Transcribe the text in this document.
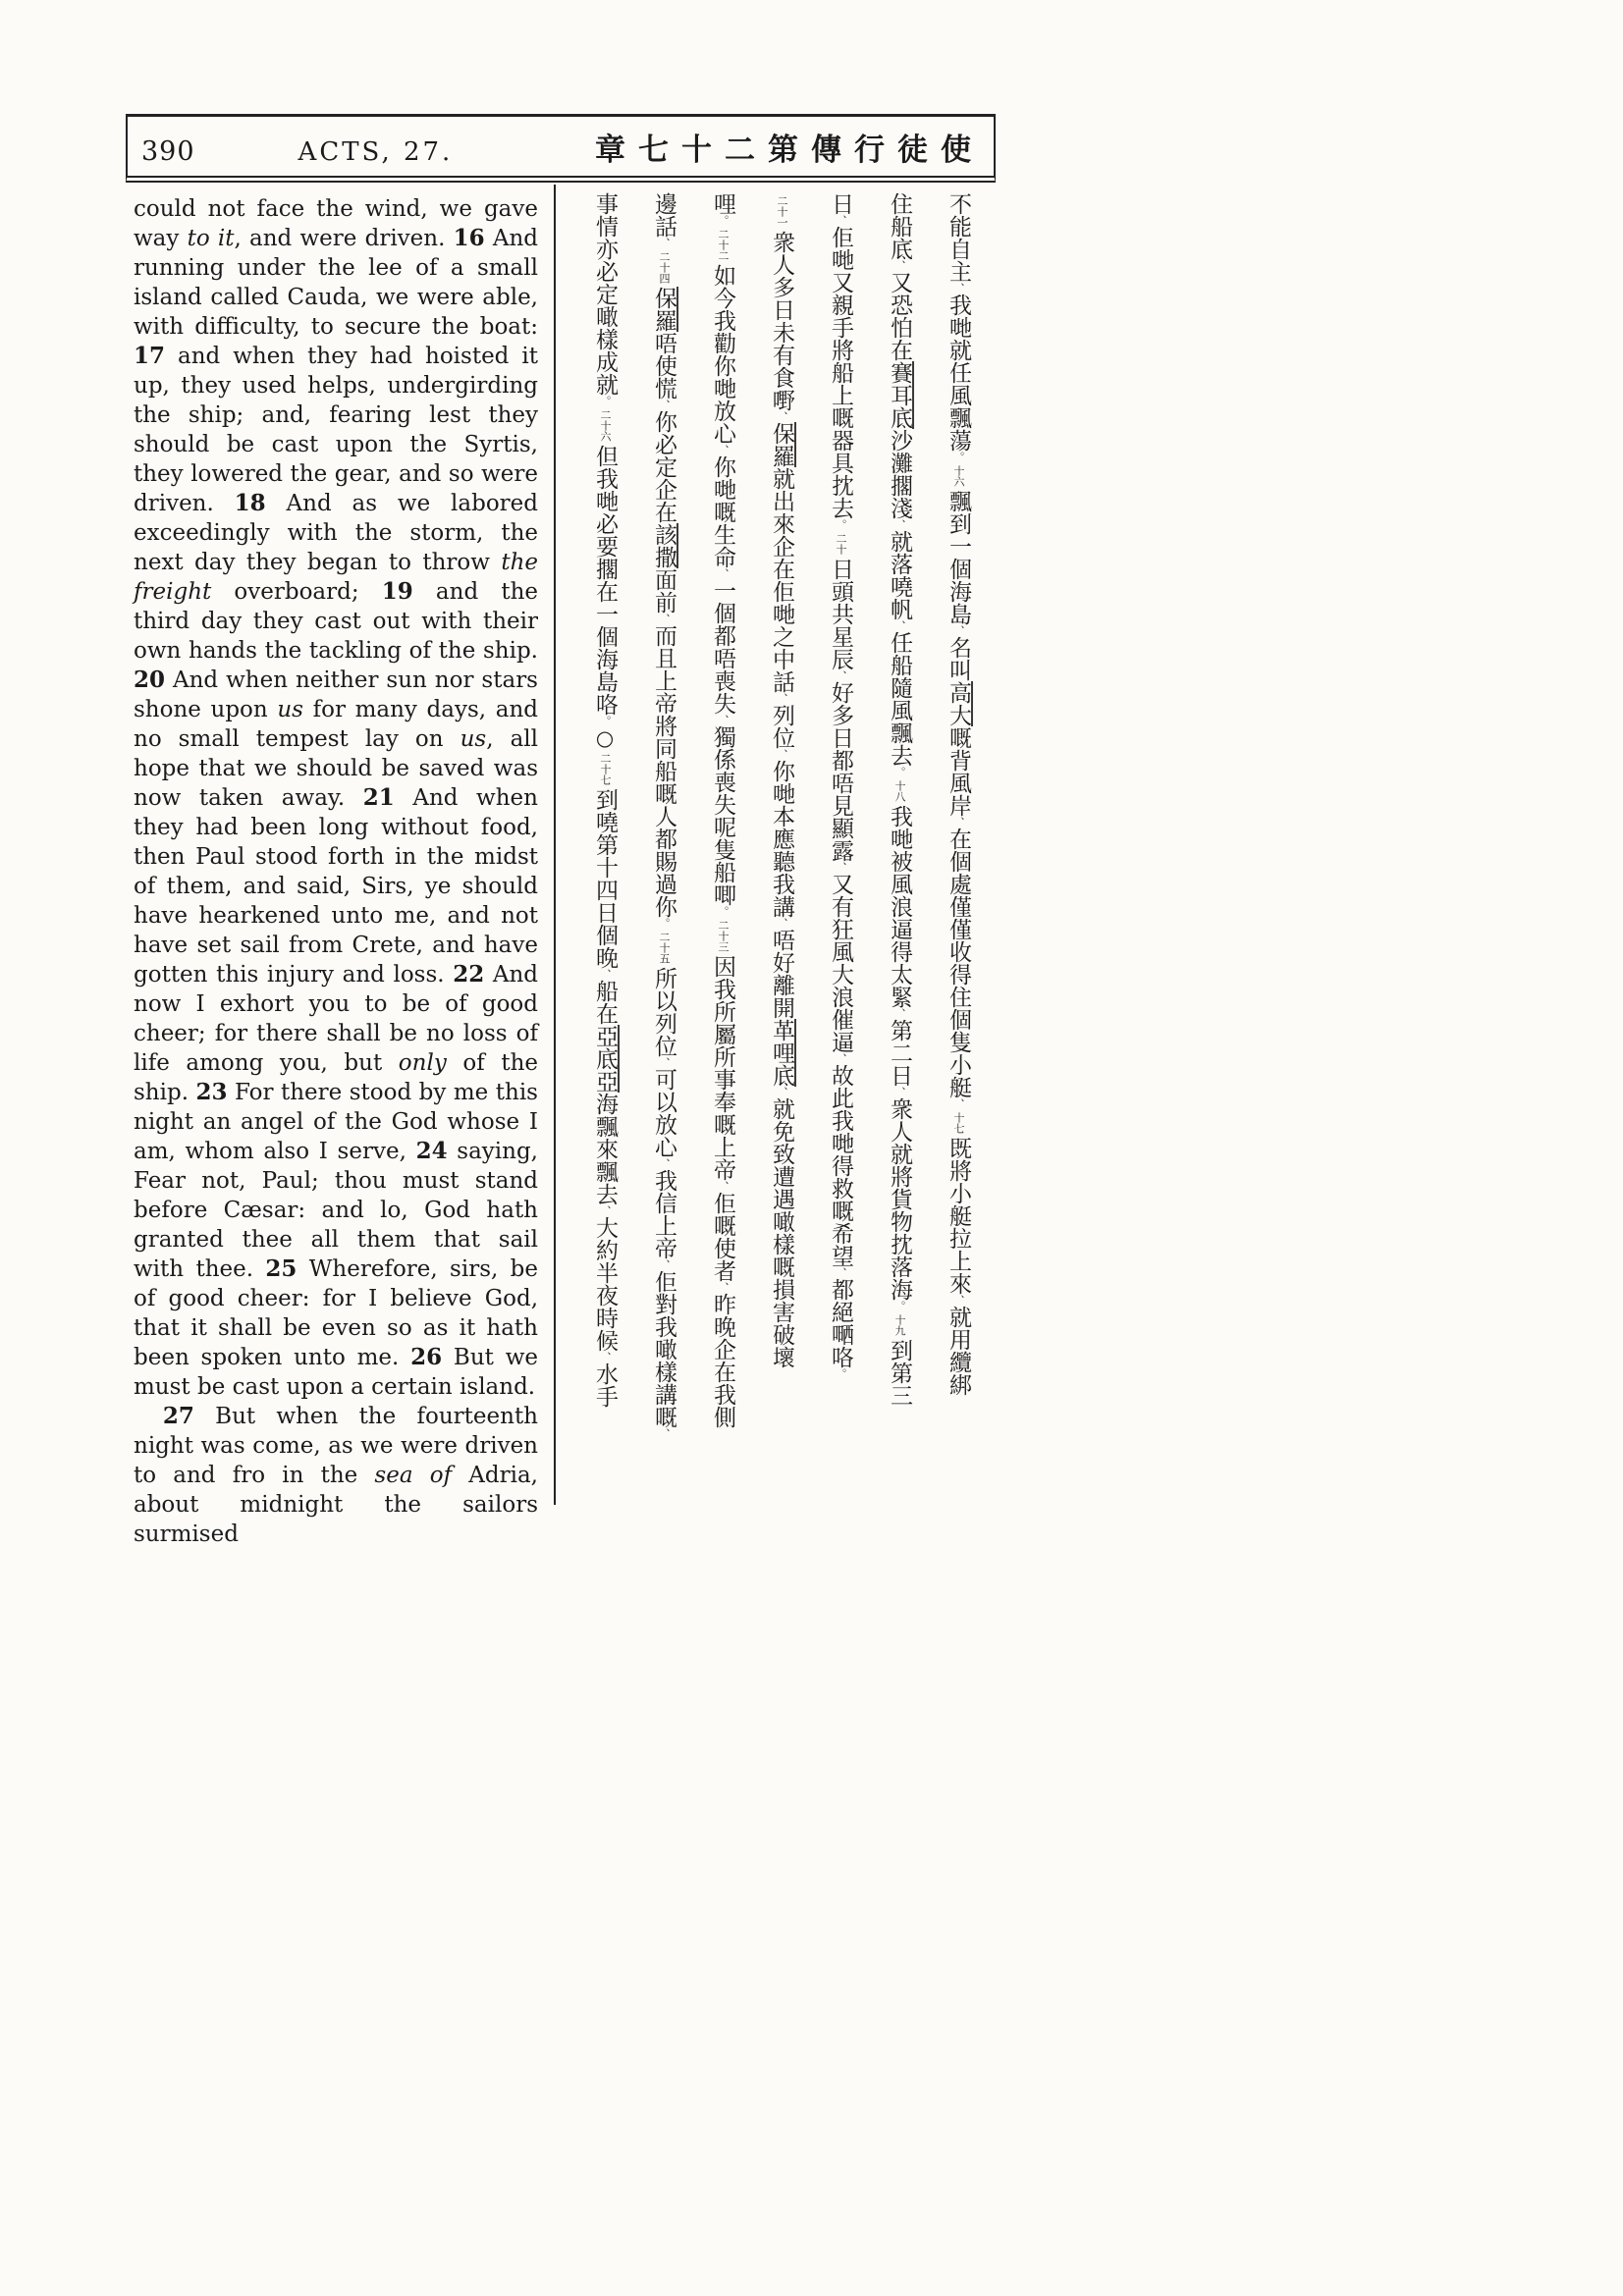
390	ACTS, 27.	章七十二第傳行徒使

could not face the wind, we gave way to it, and were driven. 16 And running under the lee of a small island called Cauda, we were able, with difficulty, to secure the boat: 17 and when they had hoisted it up, they used helps, undergirding the ship; and, fearing lest they should be cast upon the Syrtis, they lowered the gear, and so were driven. 18 And as we labored exceedingly with the storm, the next day they began to throw the freight overboard; 19 and the third day they cast out with their own hands the tackling of the ship. 20 And when neither sun nor stars shone upon us for many days, and no small tempest lay on us, all hope that we should be saved was now taken away. 21 And when they had been long without food, then Paul stood forth in the midst of them, and said, Sirs, ye should have hearkened unto me, and not have set sail from Crete, and have gotten this injury and loss. 22 And now I exhort you to be of good cheer; for there shall be no loss of life among you, but only of the ship. 23 For there stood by me this night an angel of the God whose I am, whom also I serve, 24 saying, Fear not, Paul; thou must stand before Cæsar: and lo, God hath granted thee all them that sail with thee. 25 Wherefore, sirs, be of good cheer: for I believe God, that it shall be even so as it hath been spoken unto me. 26 But we must be cast upon a certain island.

27 But when the fourteenth night was come, as we were driven to and fro in the sea of Adria, about midnight the sailors surmised

不能自主、我哋就任風飄蕩。十六飄到一個海島、名叫高大嘅背風岸、在個處僅僅收得住個隻小艇、十七既將小艇拉上來、就用纜綁
住船底、又恐怕在賽耳底沙灘擱淺、就落嘵帆、任船隨風飄去。十八我哋被風浪逼得太緊、第二日、衆人就將貨物抌落海。十九到第三
日、佢哋又親手將船上嘅器具抌去。二十日頭共星辰、好多日都唔見顯露、又有狂風大浪催逼、故此我哋得救嘅希望、都絕嗮咯。
二十一衆人多日未有食嘢、保羅就出來企在佢哋之中話、列位、你哋本應聽我講、唔好離開革哩底、就免致遭遇噉樣嘅損害破壞
哩。二十二如今我勸你哋放心、你哋嘅生命、一個都唔喪失、獨係喪失呢隻船唧。二十三因我所屬所事奉嘅上帝、佢嘅使者、昨晚企在我側
邊話、二十四保羅唔使慌、你必定企在該撒面前、而且上帝將同船嘅人都賜過你。二十五所以列位、可以放心、我信上帝、佢對我噉樣講嘅、
事情亦必定噉樣成就。二十六但我哋必要擱在一個海島咯。○二十七到嘵第十四日個晚、船在亞底亞海飄來飄去、大約半夜時候、水手
